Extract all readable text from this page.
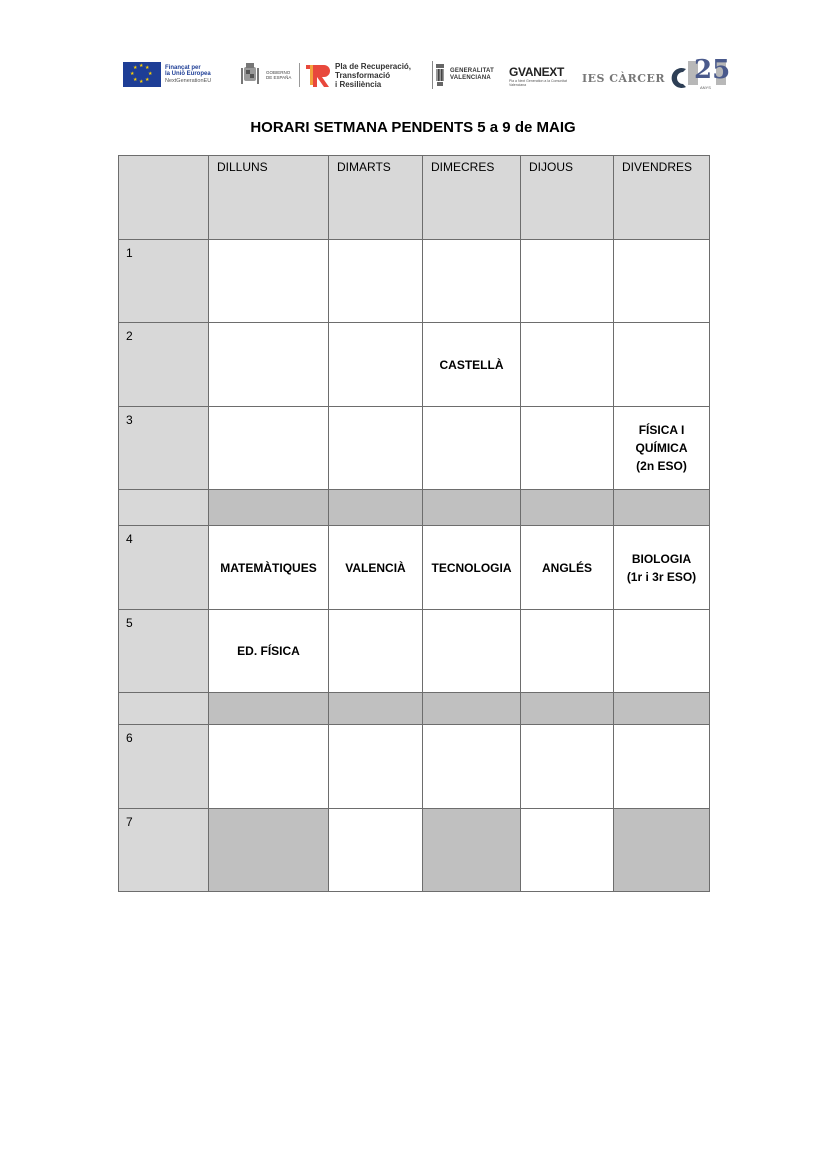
★ ★
★
★
★
★
★
★	Finançat per
la Unió Europea
NextGenerationEU
GOBIERNO
DE ESPAÑA
Pla de Recuperació,
Transformació
i Resiliència
GENERALITAT
VALENCIANA GVANEXT
Pla a Next Generation a la Comunitat Valenciana
IES CÀRCER 25
ANYS
HORARI SETMANA PENDENTS 5 a 9 de MAIG
	DILLUNS	DIMARTS	DIMECRES	DIJOUS	DIVENDRES
1					
2			CASTELLÀ		
3					FÍSICA I
QUÍMICA
(2n ESO)

4	MATEMÀTIQUES	VALENCIÀ	TECNOLOGIA	ANGLÉS	BIOLOGIA
(1r i 3r ESO)
5	ED. FÍSICA				

6					
7					
